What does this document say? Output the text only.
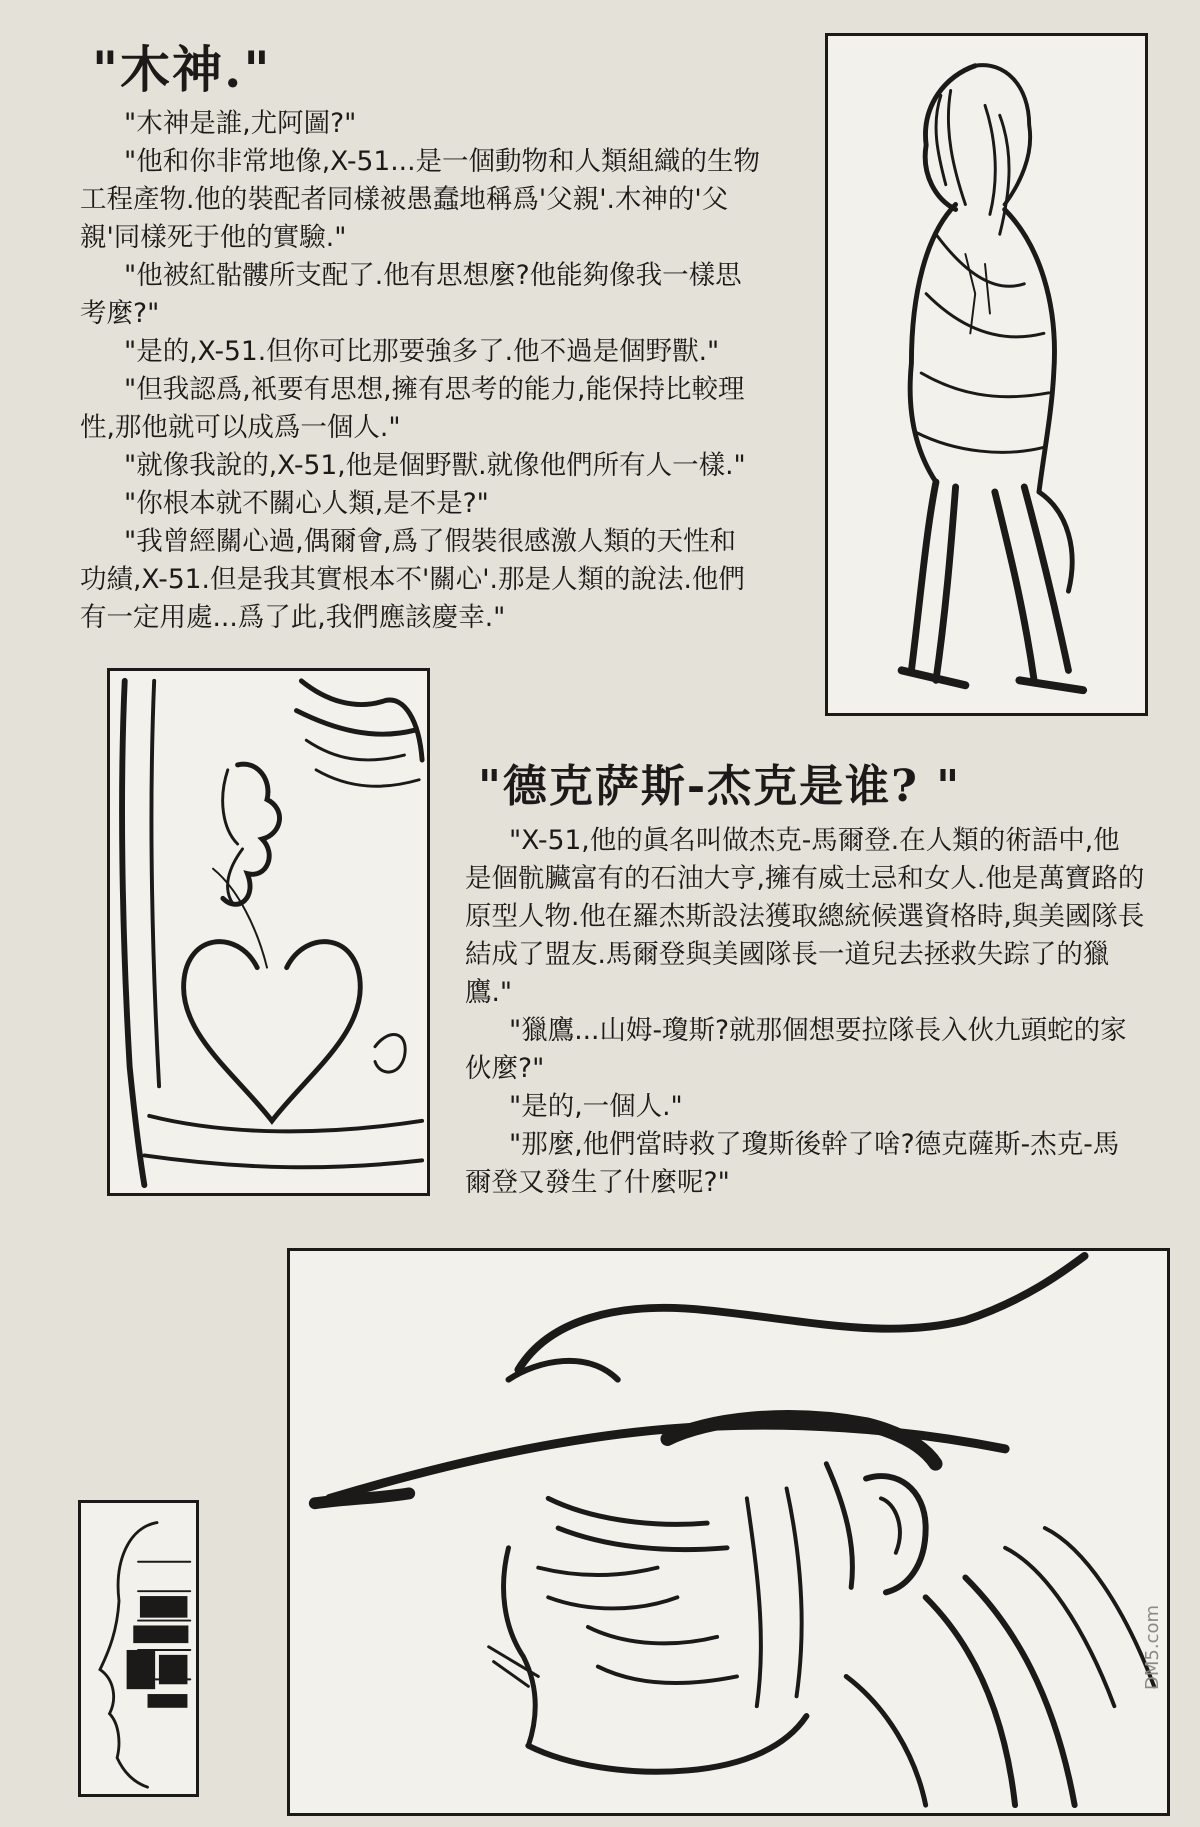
"木神."

"木神是誰,尤阿圖?"

"他和你非常地像,X-51...是一個動物和人類組織的生物工程產物.他的裝配者同樣被愚蠢地稱爲'父親'.木神的'父親'同樣死于他的實驗."

"他被紅骷髏所支配了.他有思想麼?他能夠像我一樣思考麼?"

"是的,X-51.但你可比那要強多了.他不過是個野獸."

"但我認爲,衹要有思想,擁有思考的能力,能保持比較理性,那他就可以成爲一個人."

"就像我說的,X-51,他是個野獸.就像他們所有人一樣."

"你根本就不關心人類,是不是?"

"我曾經關心過,偶爾會,爲了假裝很感激人類的天性和功績,X-51.但是我其實根本不'關心'.那是人類的說法.他們有一定用處...爲了此,我們應該慶幸."

"德克萨斯-杰克是谁? "

"X-51,他的眞名叫做杰克-馬爾登.在人類的術語中,他是個骯臟富有的石油大亨,擁有威士忌和女人.他是萬寶路的原型人物.他在羅杰斯設法獲取總統候選資格時,與美國隊長結成了盟友.馬爾登與美國隊長一道兒去拯救失踪了的獵鷹."

"獵鷹...山姆-瓊斯?就那個想要拉隊長入伙九頭蛇的家伙麼?"

"是的,一個人."

"那麼,他們當時救了瓊斯後幹了啥?德克薩斯-杰克-馬爾登又發生了什麼呢?"

DM5.com
